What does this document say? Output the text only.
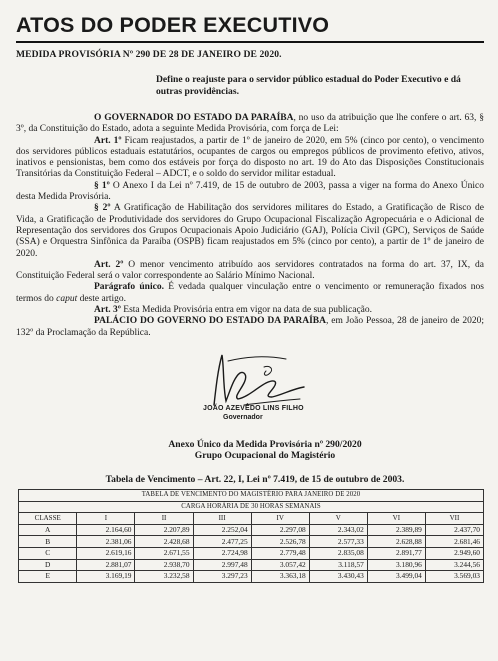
ATOS DO PODER EXECUTIVO
MEDIDA PROVISÓRIA Nº 290 DE 28 DE JANEIRO DE 2020.
Define o reajuste para o servidor público estadual do Poder Executivo e dá outras providências.

O GOVERNADOR DO ESTADO DA PARAÍBA, no uso da atribuição que lhe confere o art. 63, § 3º, da Constituição do Estado, adota a seguinte Medida Provisória, com força de Lei:

Art. 1º Ficam reajustados, a partir de 1º de janeiro de 2020, em 5% (cinco por cento), o vencimento dos servidores públicos estaduais estatutários, ocupantes de cargos ou empregos públicos de provimento efetivo, ativos, inativos e pensionistas, bem como dos estáveis por força do disposto no art. 19 do Ato das Disposições Constitucionais Transitórias da Constituição Federal – ADCT, e o soldo do servidor militar estadual.

§ 1º O Anexo I da Lei nº 7.419, de 15 de outubro de 2003, passa a viger na forma do Anexo Único desta Medida Provisória.

§ 2º A Gratificação de Habilitação dos servidores militares do Estado, a Gratificação de Risco de Vida, a Gratificação de Produtividade dos servidores do Grupo Ocupacional Fiscalização Agropecuária e o Adicional de Representação dos servidores dos Grupos Ocupacionais Apoio Judiciário (GAJ), Polícia Civil (GPC), Serviços de Saúde (SSA) e Orquestra Sinfônica da Paraíba (OSPB) ficam reajustados em 5% (cinco por cento), a partir de 1º de janeiro de 2020.

Art. 2º O menor vencimento atribuído aos servidores contratados na forma do art. 37, IX, da Constituição Federal será o valor correspondente ao Salário Mínimo Nacional.

Parágrafo único. É vedada qualquer vinculação entre o vencimento or remuneração fixados nos termos do caput deste artigo.

Art. 3º Esta Medida Provisória entra em vigor na data de sua publicação.

PALÁCIO DO GOVERNO DO ESTADO DA PARAÍBA, em João Pessoa, 28 de janeiro de 2020; 132º da Proclamação da República.

JOÃO AZEVÊDO LINS FILHO
Governador
Anexo Único da Medida Provisória nº 290/2020
Grupo Ocupacional do Magistério
Tabela de Vencimento – Art. 22, I, Lei nº 7.419, de 15 de outubro de 2003.
TABELA DE VENCIMENTO DO MAGISTÉRIO PARA JANEIRO DE 2020							
CARGA HORÁRIA DE 30 HORAS SEMANAIS							
CLASSE	I	II	III	IV	V	VI	VII
A	2.164,60	2.207,89	2.252,04	2.297,08	2.343,02	2.389,89	2.437,70
B	2.381,06	2.428,68	2.477,25	2.526,78	2.577,33	2.628,88	2.681,46
C	2.619,16	2.671,55	2.724,98	2.779,48	2.835,08	2.891,77	2.949,60
D	2.881,07	2.938,70	2.997,48	3.057,42	3.118,57	3.180,96	3.244,56
E	3.169,19	3.232,58	3.297,23	3.363,18	3.430,43	3.499,04	3.569,03
